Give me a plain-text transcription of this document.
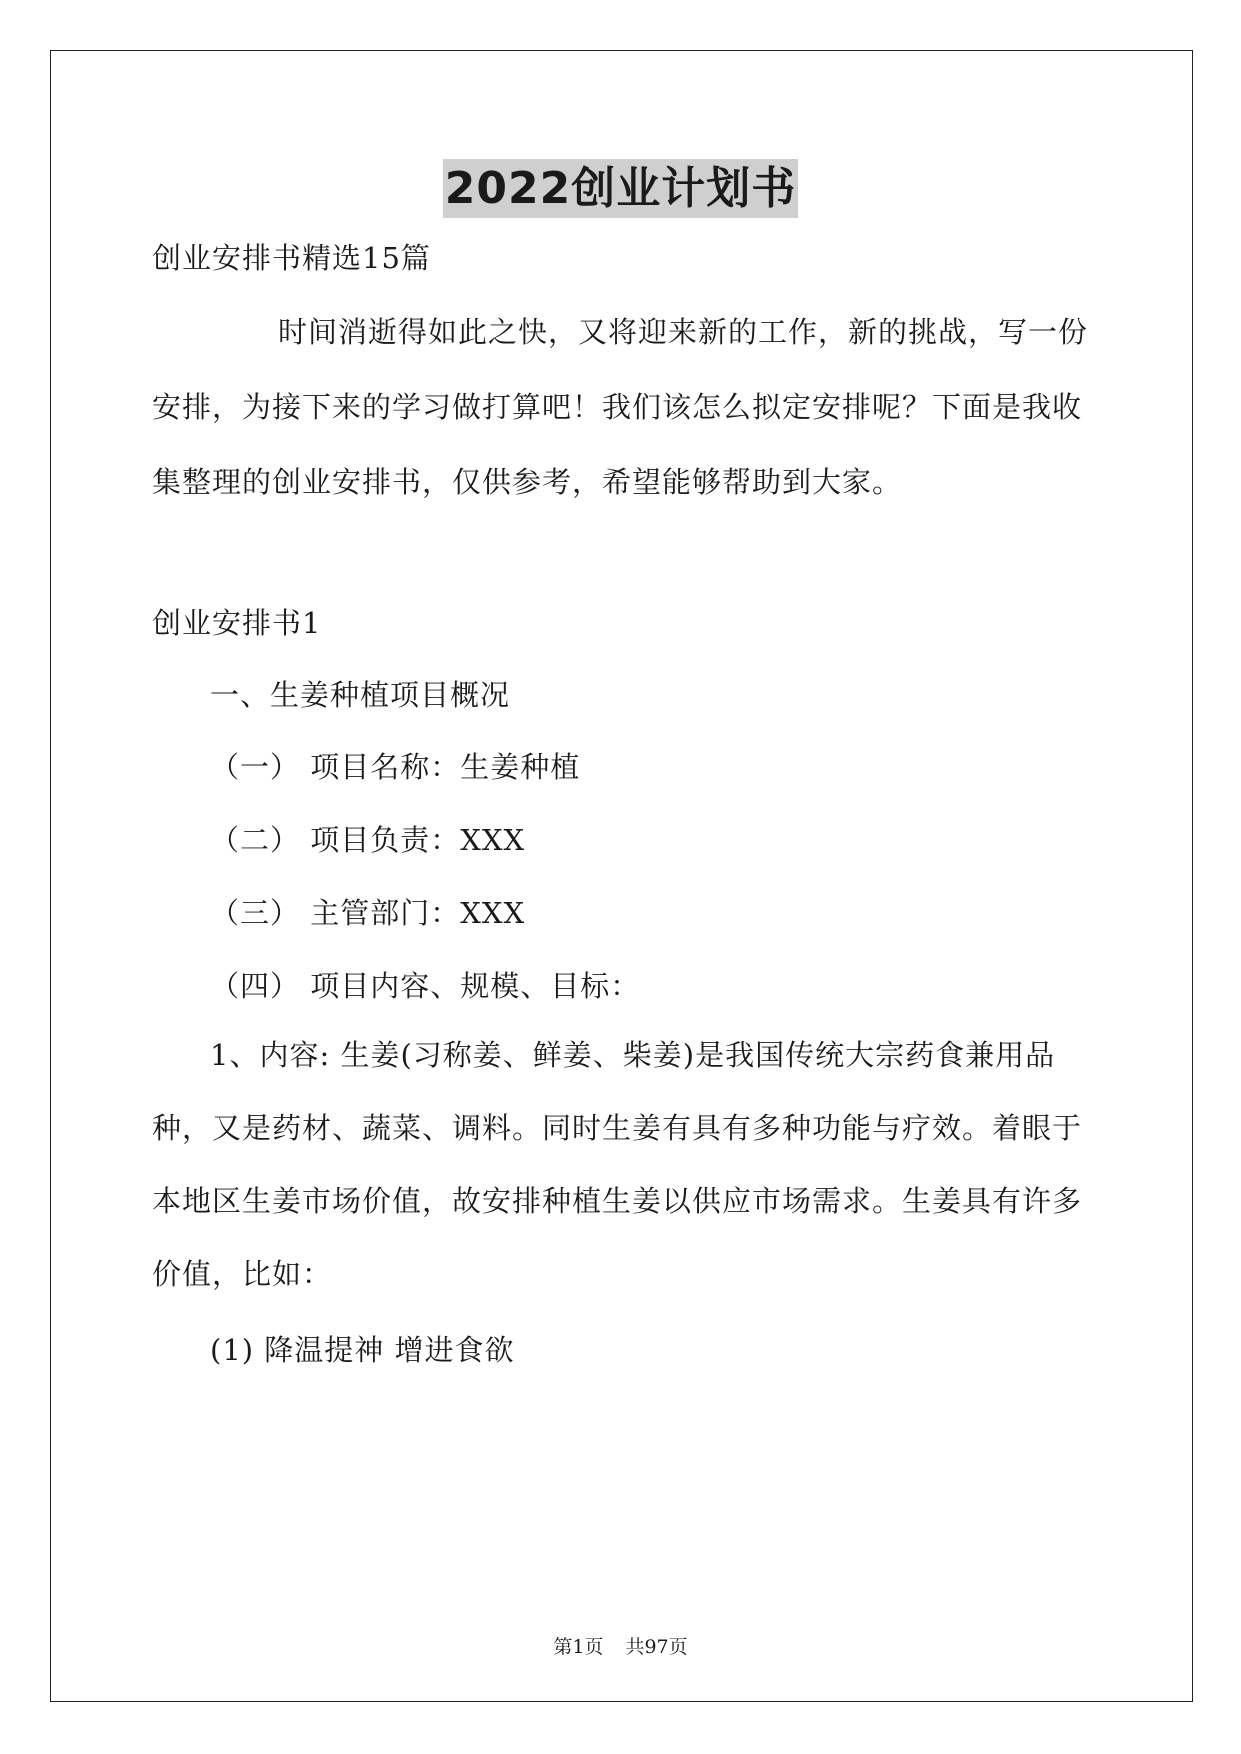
2022创业计划书

创业安排书精选15篇

时间消逝得如此之快，又将迎来新的工作，新的挑战，写一份安排，为接下来的学习做打算吧！我们该怎么拟定安排呢？下面是我收集整理的创业安排书，仅供参考，希望能够帮助到大家。

创业安排书1

一、生姜种植项目概况

（一） 项目名称：生姜种植

（二） 项目负责：XXX

（三） 主管部门：XXX

（四） 项目内容、规模、目标：

1、内容: 生姜(习称姜、鲜姜、柴姜)是我国传统大宗药食兼用品种，又是药材、蔬菜、调料。同时生姜有具有多种功能与疗效。着眼于本地区生姜市场价值，故安排种植生姜以供应市场需求。生姜具有许多价值，比如：

(1) 降温提神 增进食欲

第1页 共97页
